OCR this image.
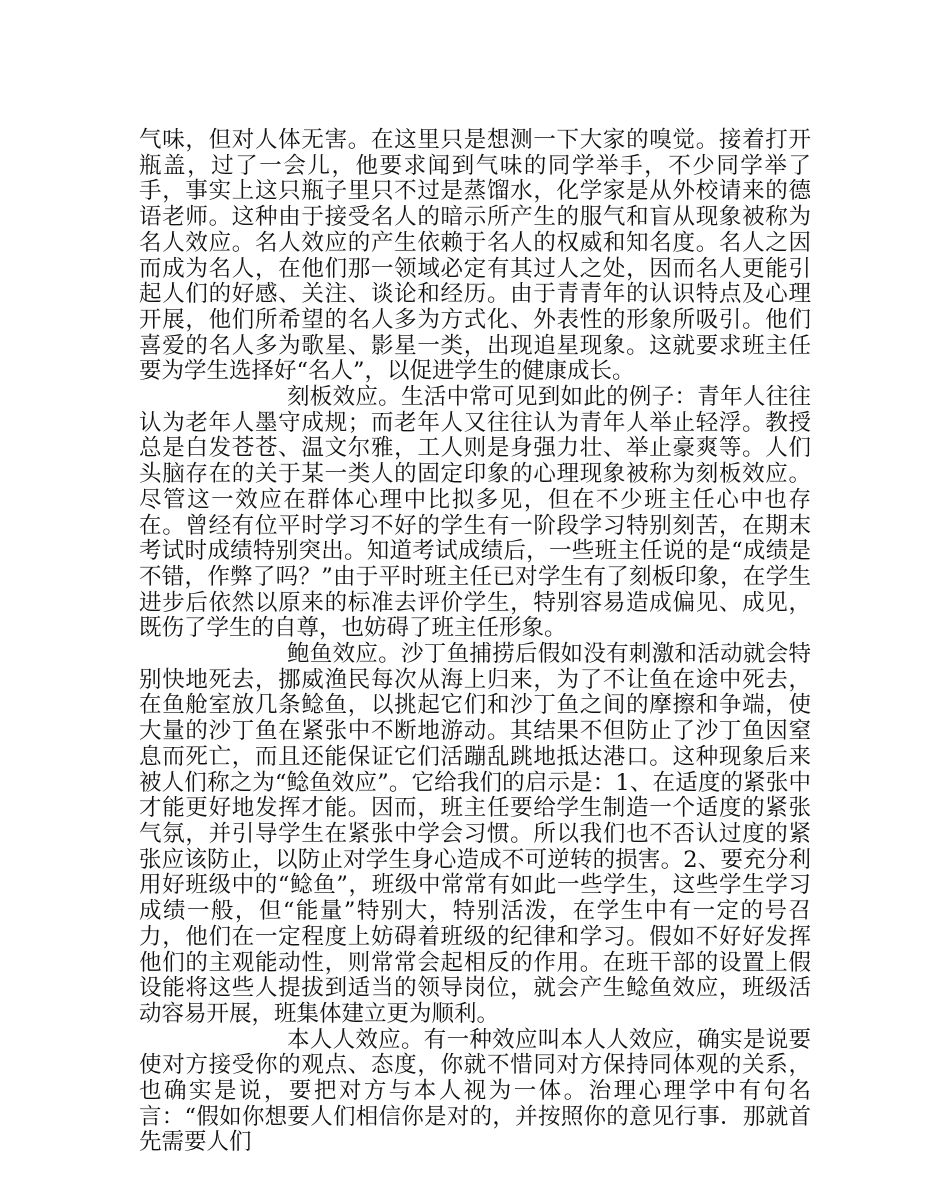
气味，但对人体无害。在这里只是想测一下大家的嗅觉。接着打开瓶盖，过了一会儿，他要求闻到气味的同学举手，不少同学举了手，事实上这只瓶子里只不过是蒸馏水，化学家是从外校请来的德语老师。这种由于接受名人的暗示所产生的服气和盲从现象被称为名人效应。名人效应的产生依赖于名人的权威和知名度。名人之因而成为名人，在他们那一领域必定有其过人之处，因而名人更能引起人们的好感、关注、谈论和经历。由于青青年的认识特点及心理开展，他们所希望的名人多为方式化、外表性的形象所吸引。他们喜爱的名人多为歌星、影星一类，出现追星现象。这就要求班主任要为学生选择好“名人”，以促进学生的健康成长。

刻板效应。生活中常可见到如此的例子：青年人往往认为老年人墨守成规；而老年人又往往认为青年人举止轻浮。教授总是白发苍苍、温文尔雅，工人则是身强力壮、举止豪爽等。人们头脑存在的关于某一类人的固定印象的心理现象被称为刻板效应。尽管这一效应在群体心理中比拟多见，但在不少班主任心中也存在。曾经有位平时学习不好的学生有一阶段学习特别刻苦，在期末考试时成绩特别突出。知道考试成绩后，一些班主任说的是“成绩是不错，作弊了吗？”由于平时班主任已对学生有了刻板印象，在学生进步后依然以原来的标准去评价学生，特别容易造成偏见、成见，既伤了学生的自尊，也妨碍了班主任形象。

鲍鱼效应。沙丁鱼捕捞后假如没有刺激和活动就会特别快地死去，挪威渔民每次从海上归来，为了不让鱼在途中死去，在鱼舱室放几条鲶鱼，以挑起它们和沙丁鱼之间的摩擦和争端，使大量的沙丁鱼在紧张中不断地游动。其结果不但防止了沙丁鱼因窒息而死亡，而且还能保证它们活蹦乱跳地抵达港口。这种现象后来被人们称之为“鲶鱼效应”。它给我们的启示是：1、在适度的紧张中才能更好地发挥才能。因而，班主任要给学生制造一个适度的紧张气氛，并引导学生在紧张中学会习惯。所以我们也不否认过度的紧张应该防止，以防止对学生身心造成不可逆转的损害。2、要充分利用好班级中的“鲶鱼”，班级中常常有如此一些学生，这些学生学习成绩一般，但“能量”特别大，特别活泼，在学生中有一定的号召力，他们在一定程度上妨碍着班级的纪律和学习。假如不好好发挥他们的主观能动性，则常常会起相反的作用。在班干部的设置上假设能将这些人提拔到适当的领导岗位，就会产生鲶鱼效应，班级活动容易开展，班集体建立更为顺利。

本人人效应。有一种效应叫本人人效应，确实是说要使对方接受你的观点、态度，你就不惜同对方保持同体观的关系，也确实是说，要把对方与本人视为一体。治理心理学中有句名言：“假如你想要人们相信你是对的，并按照你的意见行事．那就首先需要人们
